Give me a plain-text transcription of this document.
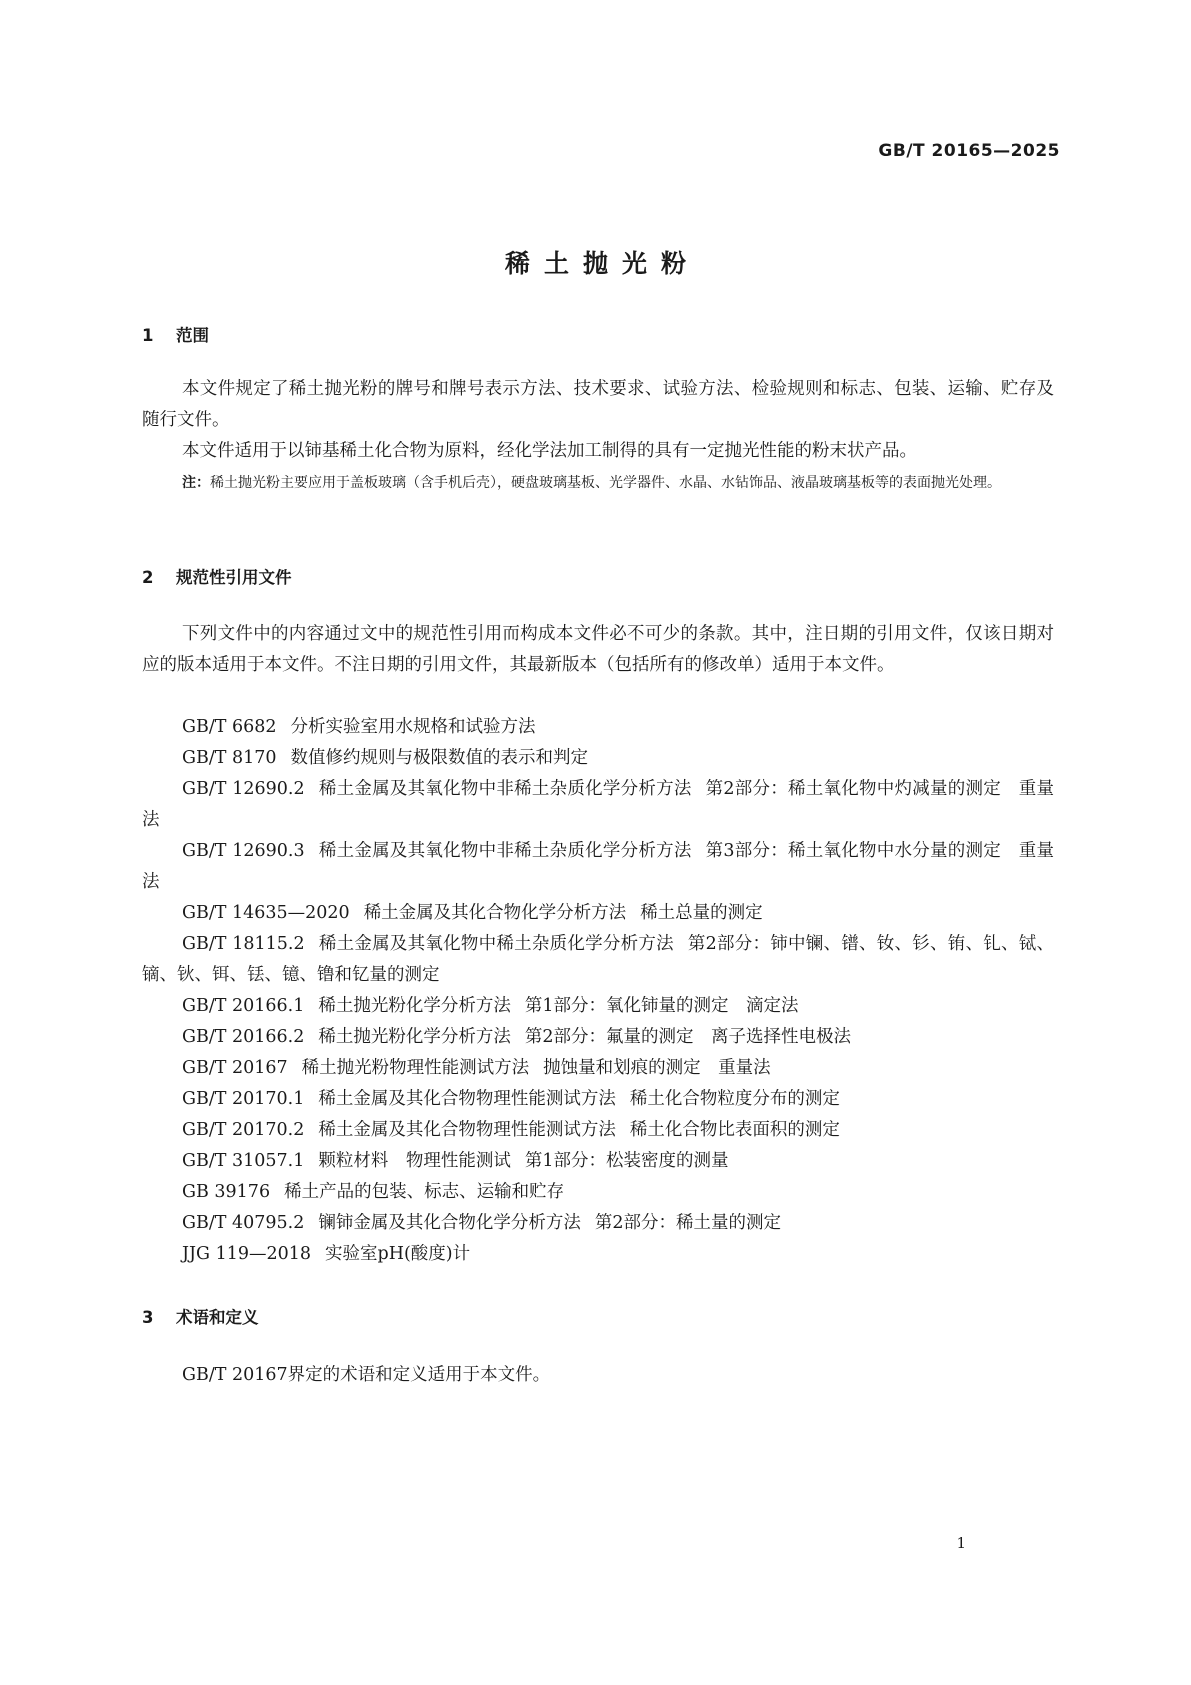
GB/T 20165—2025
稀土抛光粉
1 范围
本文件规定了稀土抛光粉的牌号和牌号表示方法、技术要求、试验方法、检验规则和标志、包装、运输、贮存及随行文件。
本文件适用于以铈基稀土化合物为原料，经化学法加工制得的具有一定抛光性能的粉末状产品。
注：稀土抛光粉主要应用于盖板玻璃（含手机后壳），硬盘玻璃基板、光学器件、水晶、水钻饰品、液晶玻璃基板等的表面抛光处理。
2 规范性引用文件
下列文件中的内容通过文中的规范性引用而构成本文件必不可少的条款。其中，注日期的引用文件，仅该日期对应的版本适用于本文件。不注日期的引用文件，其最新版本（包括所有的修改单）适用于本文件。
GB/T 6682 分析实验室用水规格和试验方法
GB/T 8170 数值修约规则与极限数值的表示和判定
GB/T 12690.2 稀土金属及其氧化物中非稀土杂质化学分析方法 第2部分：稀土氧化物中灼减量的测定　重量法
GB/T 12690.3 稀土金属及其氧化物中非稀土杂质化学分析方法 第3部分：稀土氧化物中水分量的测定　重量法
GB/T 14635—2020 稀土金属及其化合物化学分析方法 稀土总量的测定
GB/T 18115.2 稀土金属及其氧化物中稀土杂质化学分析方法 第2部分：铈中镧、镨、钕、钐、铕、钆、铽、镝、钬、铒、铥、镱、镥和钇量的测定
GB/T 20166.1 稀土抛光粉化学分析方法 第1部分：氧化铈量的测定　滴定法
GB/T 20166.2 稀土抛光粉化学分析方法 第2部分：氟量的测定　离子选择性电极法
GB/T 20167 稀土抛光粉物理性能测试方法 抛蚀量和划痕的测定　重量法
GB/T 20170.1 稀土金属及其化合物物理性能测试方法 稀土化合物粒度分布的测定
GB/T 20170.2 稀土金属及其化合物物理性能测试方法 稀土化合物比表面积的测定
GB/T 31057.1 颗粒材料　物理性能测试 第1部分：松装密度的测量
GB 39176 稀土产品的包装、标志、运输和贮存
GB/T 40795.2 镧铈金属及其化合物化学分析方法 第2部分：稀土量的测定
JJG 119—2018 实验室pH(酸度)计
3 术语和定义
GB/T 20167界定的术语和定义适用于本文件。
1
